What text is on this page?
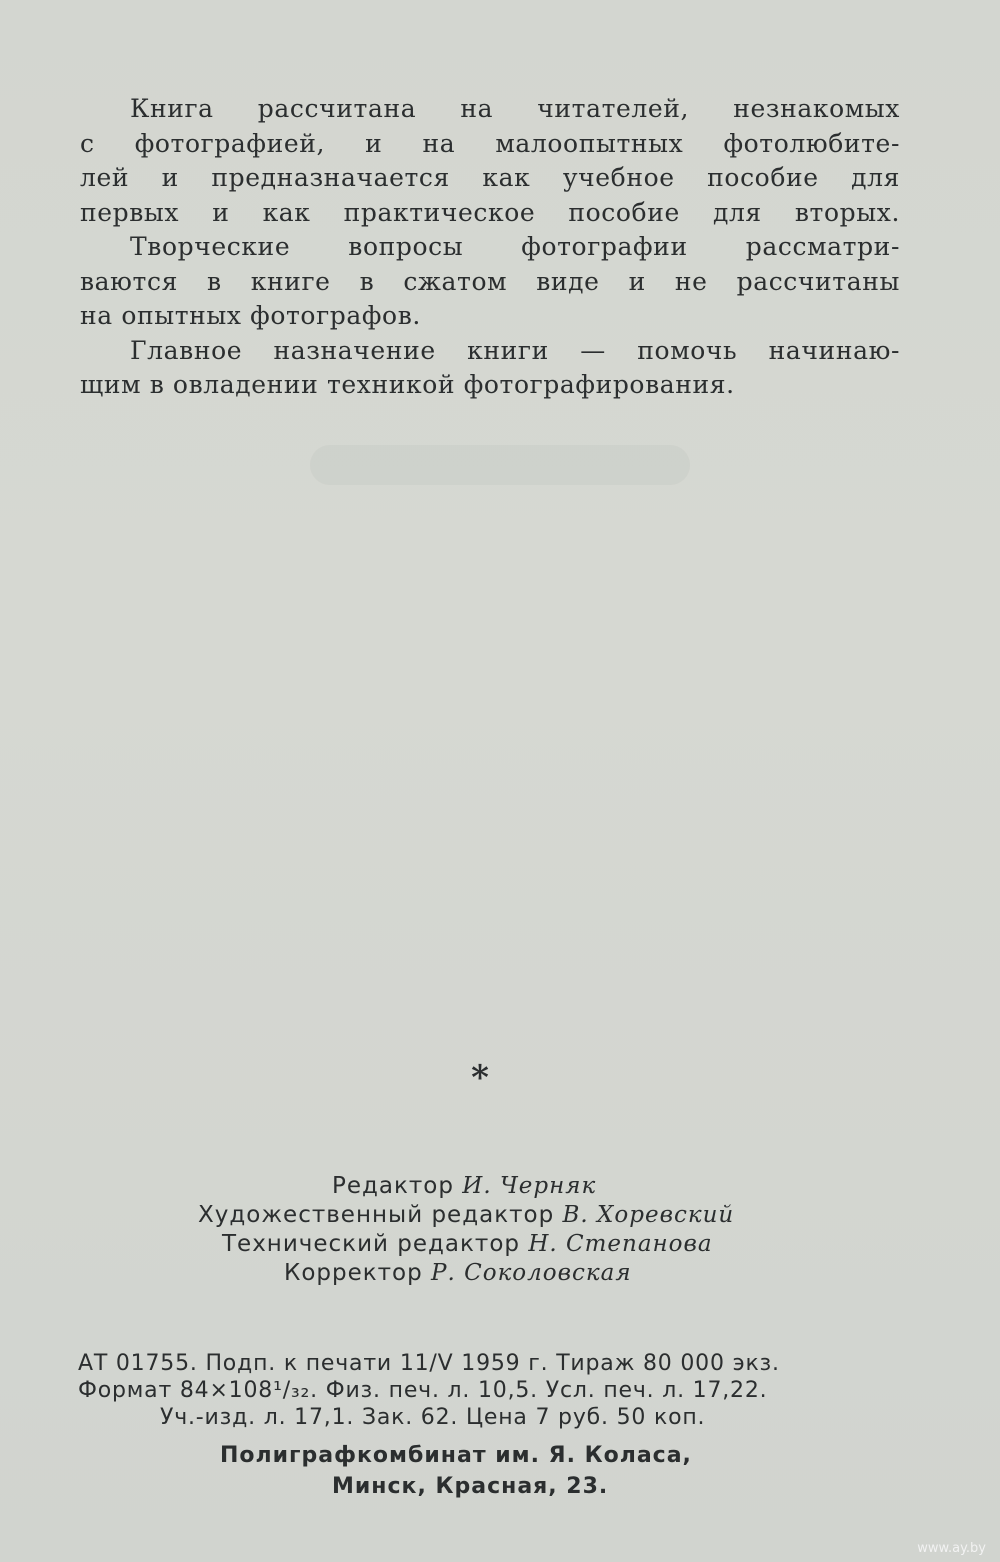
Книга рассчитана на читателей, незнакомых
с фотографией, и на малоопытных фотолюбите-
лей и предназначается как учебное пособие для
первых и как практическое пособие для вторых.

Творческие вопросы фотографии рассматри-
ваются в книге в сжатом виде и не рассчитаны
на опытных фотографов.

Главное назначение книги — помочь начинаю-
щим в овладении техникой фотографирования.

*
Редактор И. Черняк
Художественный редактор В. Хоревский
Технический редактор Н. Степанова
Корректор Р. Соколовская
АТ 01755. Подп. к печати 11/V 1959 г. Тираж 80 000 экз.
Формат 84×108¹/₃₂. Физ. печ. л. 10,5. Усл. печ. л. 17,22.
Уч.-изд. л. 17,1. Зак. 62. Цена 7 руб. 50 коп.
Полиграфкомбинат им. Я. Коласа,
Минск, Красная, 23.
www.ay.by
